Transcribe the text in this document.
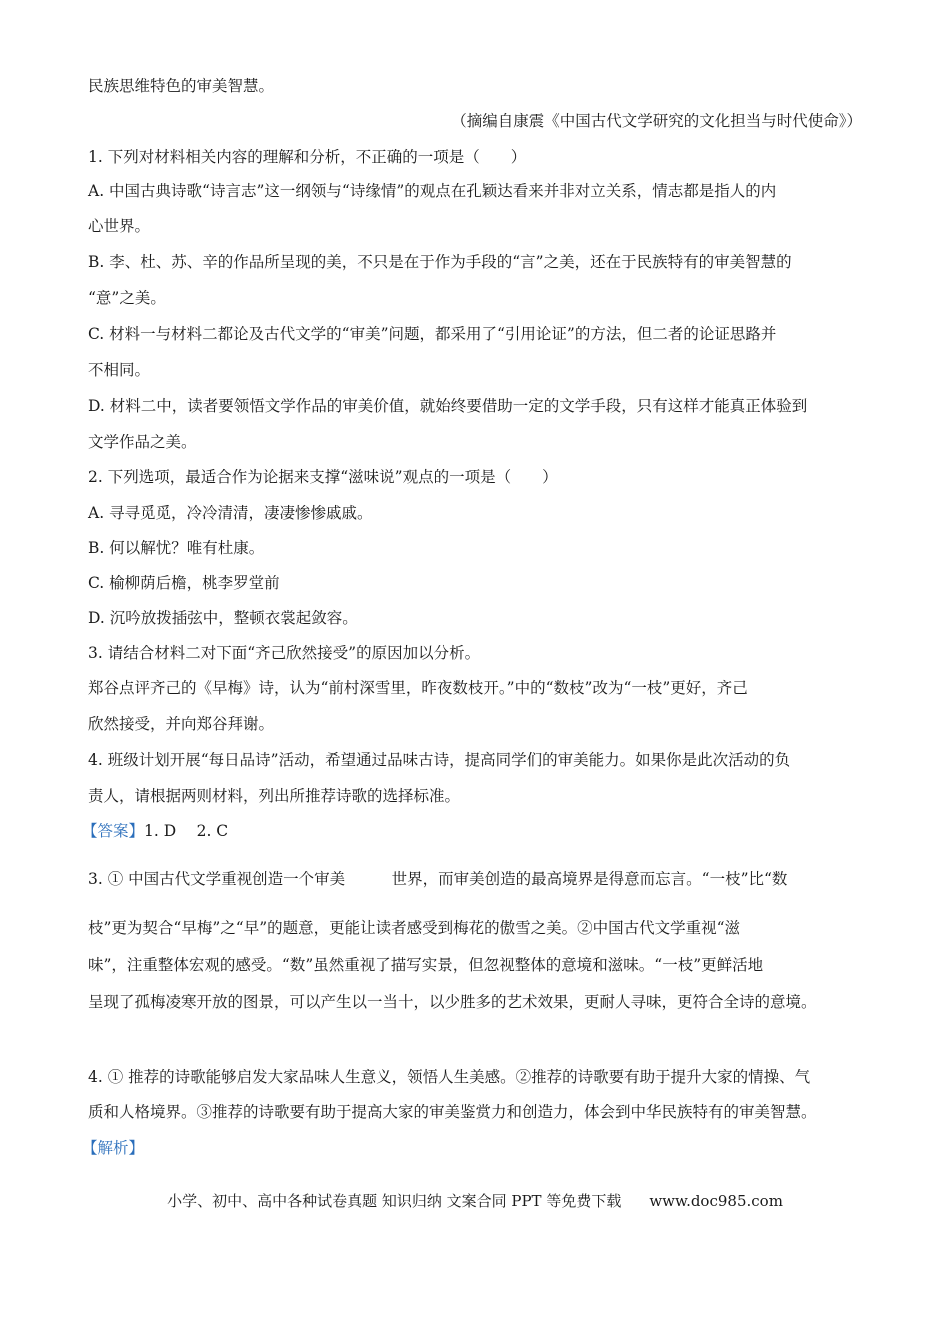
民族思维特色的审美智慧。
（摘编自康震《中国古代文学研究的文化担当与时代使命》）
1. 下列对材料相关内容的理解和分析，不正确的一项是（　　）
A. 中国古典诗歌“诗言志”这一纲领与“诗缘情”的观点在孔颖达看来并非对立关系，情志都是指人的内
心世界。
B. 李、杜、苏、辛的作品所呈现的美，不只是在于作为手段的“言”之美，还在于民族特有的审美智慧的
“意”之美。
C. 材料一与材料二都论及古代文学的“审美”问题，都采用了“引用论证”的方法，但二者的论证思路并
不相同。
D. 材料二中，读者要领悟文学作品的审美价值，就始终要借助一定的文学手段，只有这样才能真正体验到
文学作品之美。
2. 下列选项，最适合作为论据来支撑“滋味说”观点的一项是（　　）
A. 寻寻觅觅，冷冷清清，凄凄惨惨戚戚。
B. 何以解忧？唯有杜康。
C. 榆柳荫后檐，桃李罗堂前
D. 沉吟放拨插弦中，整顿衣裳起敛容。
3. 请结合材料二对下面“齐己欣然接受”的原因加以分析。
郑谷点评齐己的《早梅》诗，认为“前村深雪里，昨夜数枝开。”中的“数枝”改为“一枝”更好，齐己
欣然接受，并向郑谷拜谢。
4. 班级计划开展“每日品诗”活动，希望通过品味古诗，提高同学们的审美能力。如果你是此次活动的负
责人，请根据两则材料，列出所推荐诗歌的选择标准。
【答案】1. D　 2. C
3. ① 中国古代文学重视创造一个审美　　　世界，而审美创造的最高境界是得意而忘言。“一枝”比“数
枝”更为契合“早梅”之“早”的题意，更能让读者感受到梅花的傲雪之美。②中国古代文学重视“滋
味”，注重整体宏观的感受。“数”虽然重视了描写实景，但忽视整体的意境和滋味。“一枝”更鲜活地
呈现了孤梅凌寒开放的图景，可以产生以一当十，以少胜多的艺术效果，更耐人寻味，更符合全诗的意境。
4. ① 推荐的诗歌能够启发大家品味人生意义，领悟人生美感。②推荐的诗歌要有助于提升大家的情操、气
质和人格境界。③推荐的诗歌要有助于提高大家的审美鉴赏力和创造力，体会到中华民族特有的审美智慧。
【解析】
小学、初中、高中各种试卷真题 知识归纳 文案合同 PPT 等免费下载 www.doc985.com
